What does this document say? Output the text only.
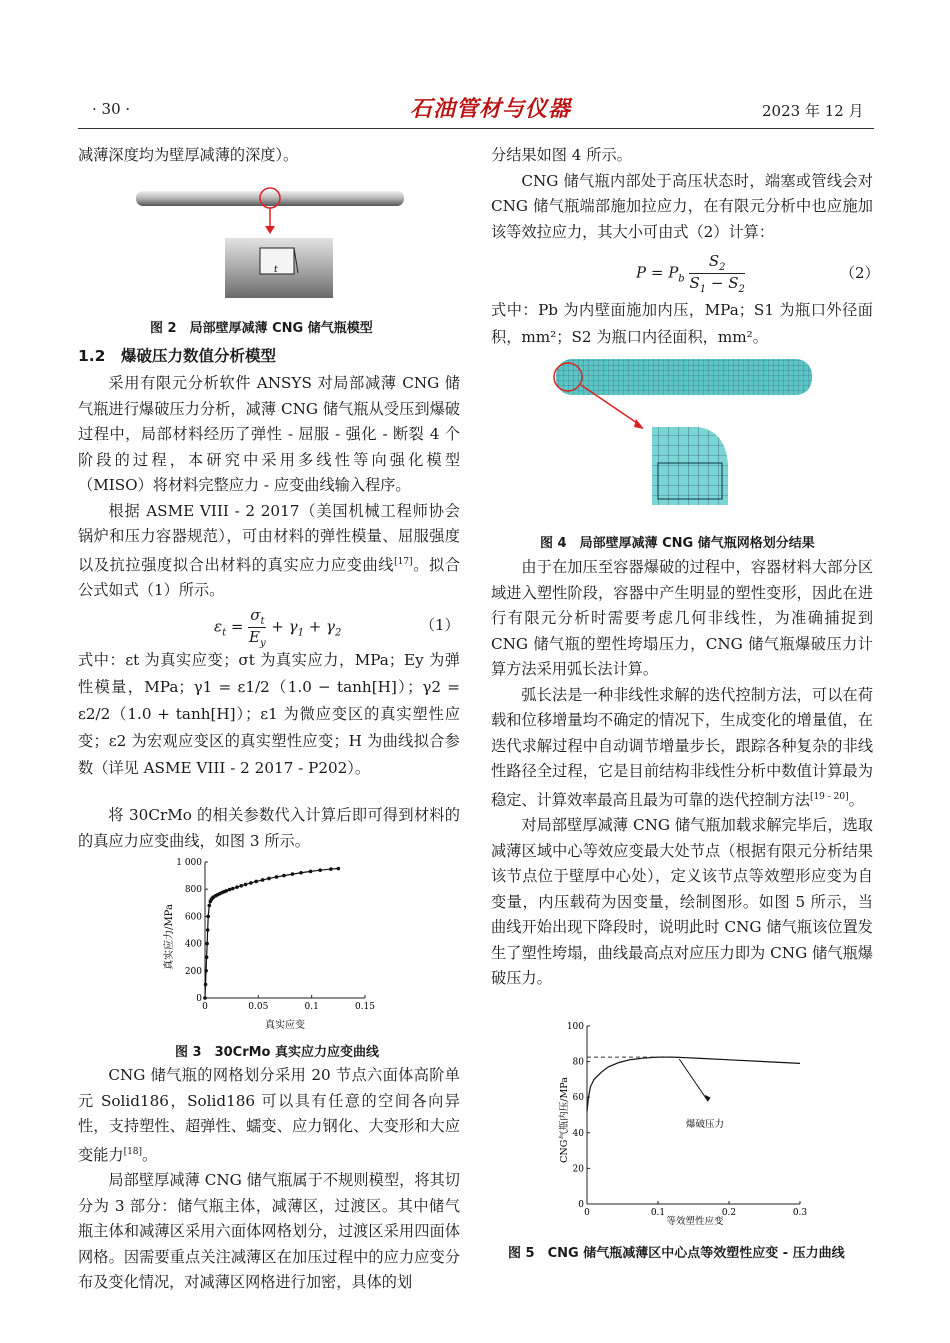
· 30 ·	石油管材与仪器	2023 年 12 月

减薄深度均为壁厚减薄的深度）。

t
图 2　局部壁厚减薄 CNG 储气瓶模型
1.2　爆破压力数值分析模型

采用有限元分析软件 ANSYS 对局部减薄 CNG 储气瓶进行爆破压力分析，减薄 CNG 储气瓶从受压到爆破过程中，局部材料经历了弹性 - 屈服 - 强化 - 断裂 4 个阶段的过程，本研究中采用多线性等向强化模型（MISO）将材料完整应力 - 应变曲线输入程序。

根据 ASME VIII - 2 2017（美国机械工程师协会锅炉和压力容器规范），可由材料的弹性模量、屈服强度以及抗拉强度拟合出材料的真实应力应变曲线[17]。拟合公式如式（1）所示。

$\varepsilon_t = \frac{\sigma_t}{E_y} + \gamma_1 + \gamma_2$	（1）

式中：εt 为真实应变；σt 为真实应力，MPa；Ey 为弹性模量，MPa；γ1 = ε1/2（1.0 − tanh[H]）；γ2 = ε2/2（1.0 + tanh[H]）；ε1 为微应变区的真实塑性应变；ε2 为宏观应变区的真实塑性应变；H 为曲线拟合参数（详见 ASME VIII - 2 2017 - P202）。

将 30CrMo 的相关参数代入计算后即可得到材料的的真应力应变曲线，如图 3 所示。

0	0.05	0.1	0.15
0
200
400
600
800
1 000
真实应变
真实应力/MPa
图 3　30CrMo 真实应力应变曲线

CNG 储气瓶的网格划分采用 20 节点六面体高阶单元 Solid186，Solid186 可以具有任意的空间各向异性，支持塑性、超弹性、蠕变、应力钢化、大变形和大应变能力[18]。

局部壁厚减薄 CNG 储气瓶属于不规则模型，将其切分为 3 部分：储气瓶主体，减薄区，过渡区。其中储气瓶主体和减薄区采用六面体网格划分，过渡区采用四面体网格。因需要重点关注减薄区在加压过程中的应力应变分布及变化情况，对减薄区网格进行加密，具体的划

分结果如图 4 所示。

CNG 储气瓶内部处于高压状态时，端塞或管线会对 CNG 储气瓶端部施加拉应力，在有限元分析中也应施加该等效拉应力，其大小可由式（2）计算：

$P = P_b \frac{S_2}{S_1 - S_2}$	（2）

式中：Pb 为内壁面施加内压，MPa；S1 为瓶口外径面积，mm²；S2 为瓶口内径面积，mm²。

图 4　局部壁厚减薄 CNG 储气瓶网格划分结果

由于在加压至容器爆破的过程中，容器材料大部分区域进入塑性阶段，容器中产生明显的塑性变形，因此在进行有限元分析时需要考虑几何非线性，为准确捕捉到 CNG 储气瓶的塑性垮塌压力，CNG 储气瓶爆破压力计算方法采用弧长法计算。

弧长法是一种非线性求解的迭代控制方法，可以在荷载和位移增量均不确定的情况下，生成变化的增量值，在迭代求解过程中自动调节增量步长，跟踪各种复杂的非线性路径全过程，它是目前结构非线性分析中数值计算最为稳定、计算效率最高且最为可靠的迭代控制方法[19 - 20]。

对局部壁厚减薄 CNG 储气瓶加载求解完毕后，选取减薄区域中心等效应变最大处节点（根据有限元分析结果该节点位于壁厚中心处），定义该节点等效塑形应变为自变量，内压载荷为因变量，绘制图形。如图 5 所示，当曲线开始出现下降段时，说明此时 CNG 储气瓶该位置发生了塑性垮塌，曲线最高点对应压力即为 CNG 储气瓶爆破压力。

0	0.1	0.2	0.3
0
20
40
60
80
100
爆破压力
等效塑性应变
CNG气瓶内压/MPa
图 5　CNG 储气瓶减薄区中心点等效塑性应变 - 压力曲线
